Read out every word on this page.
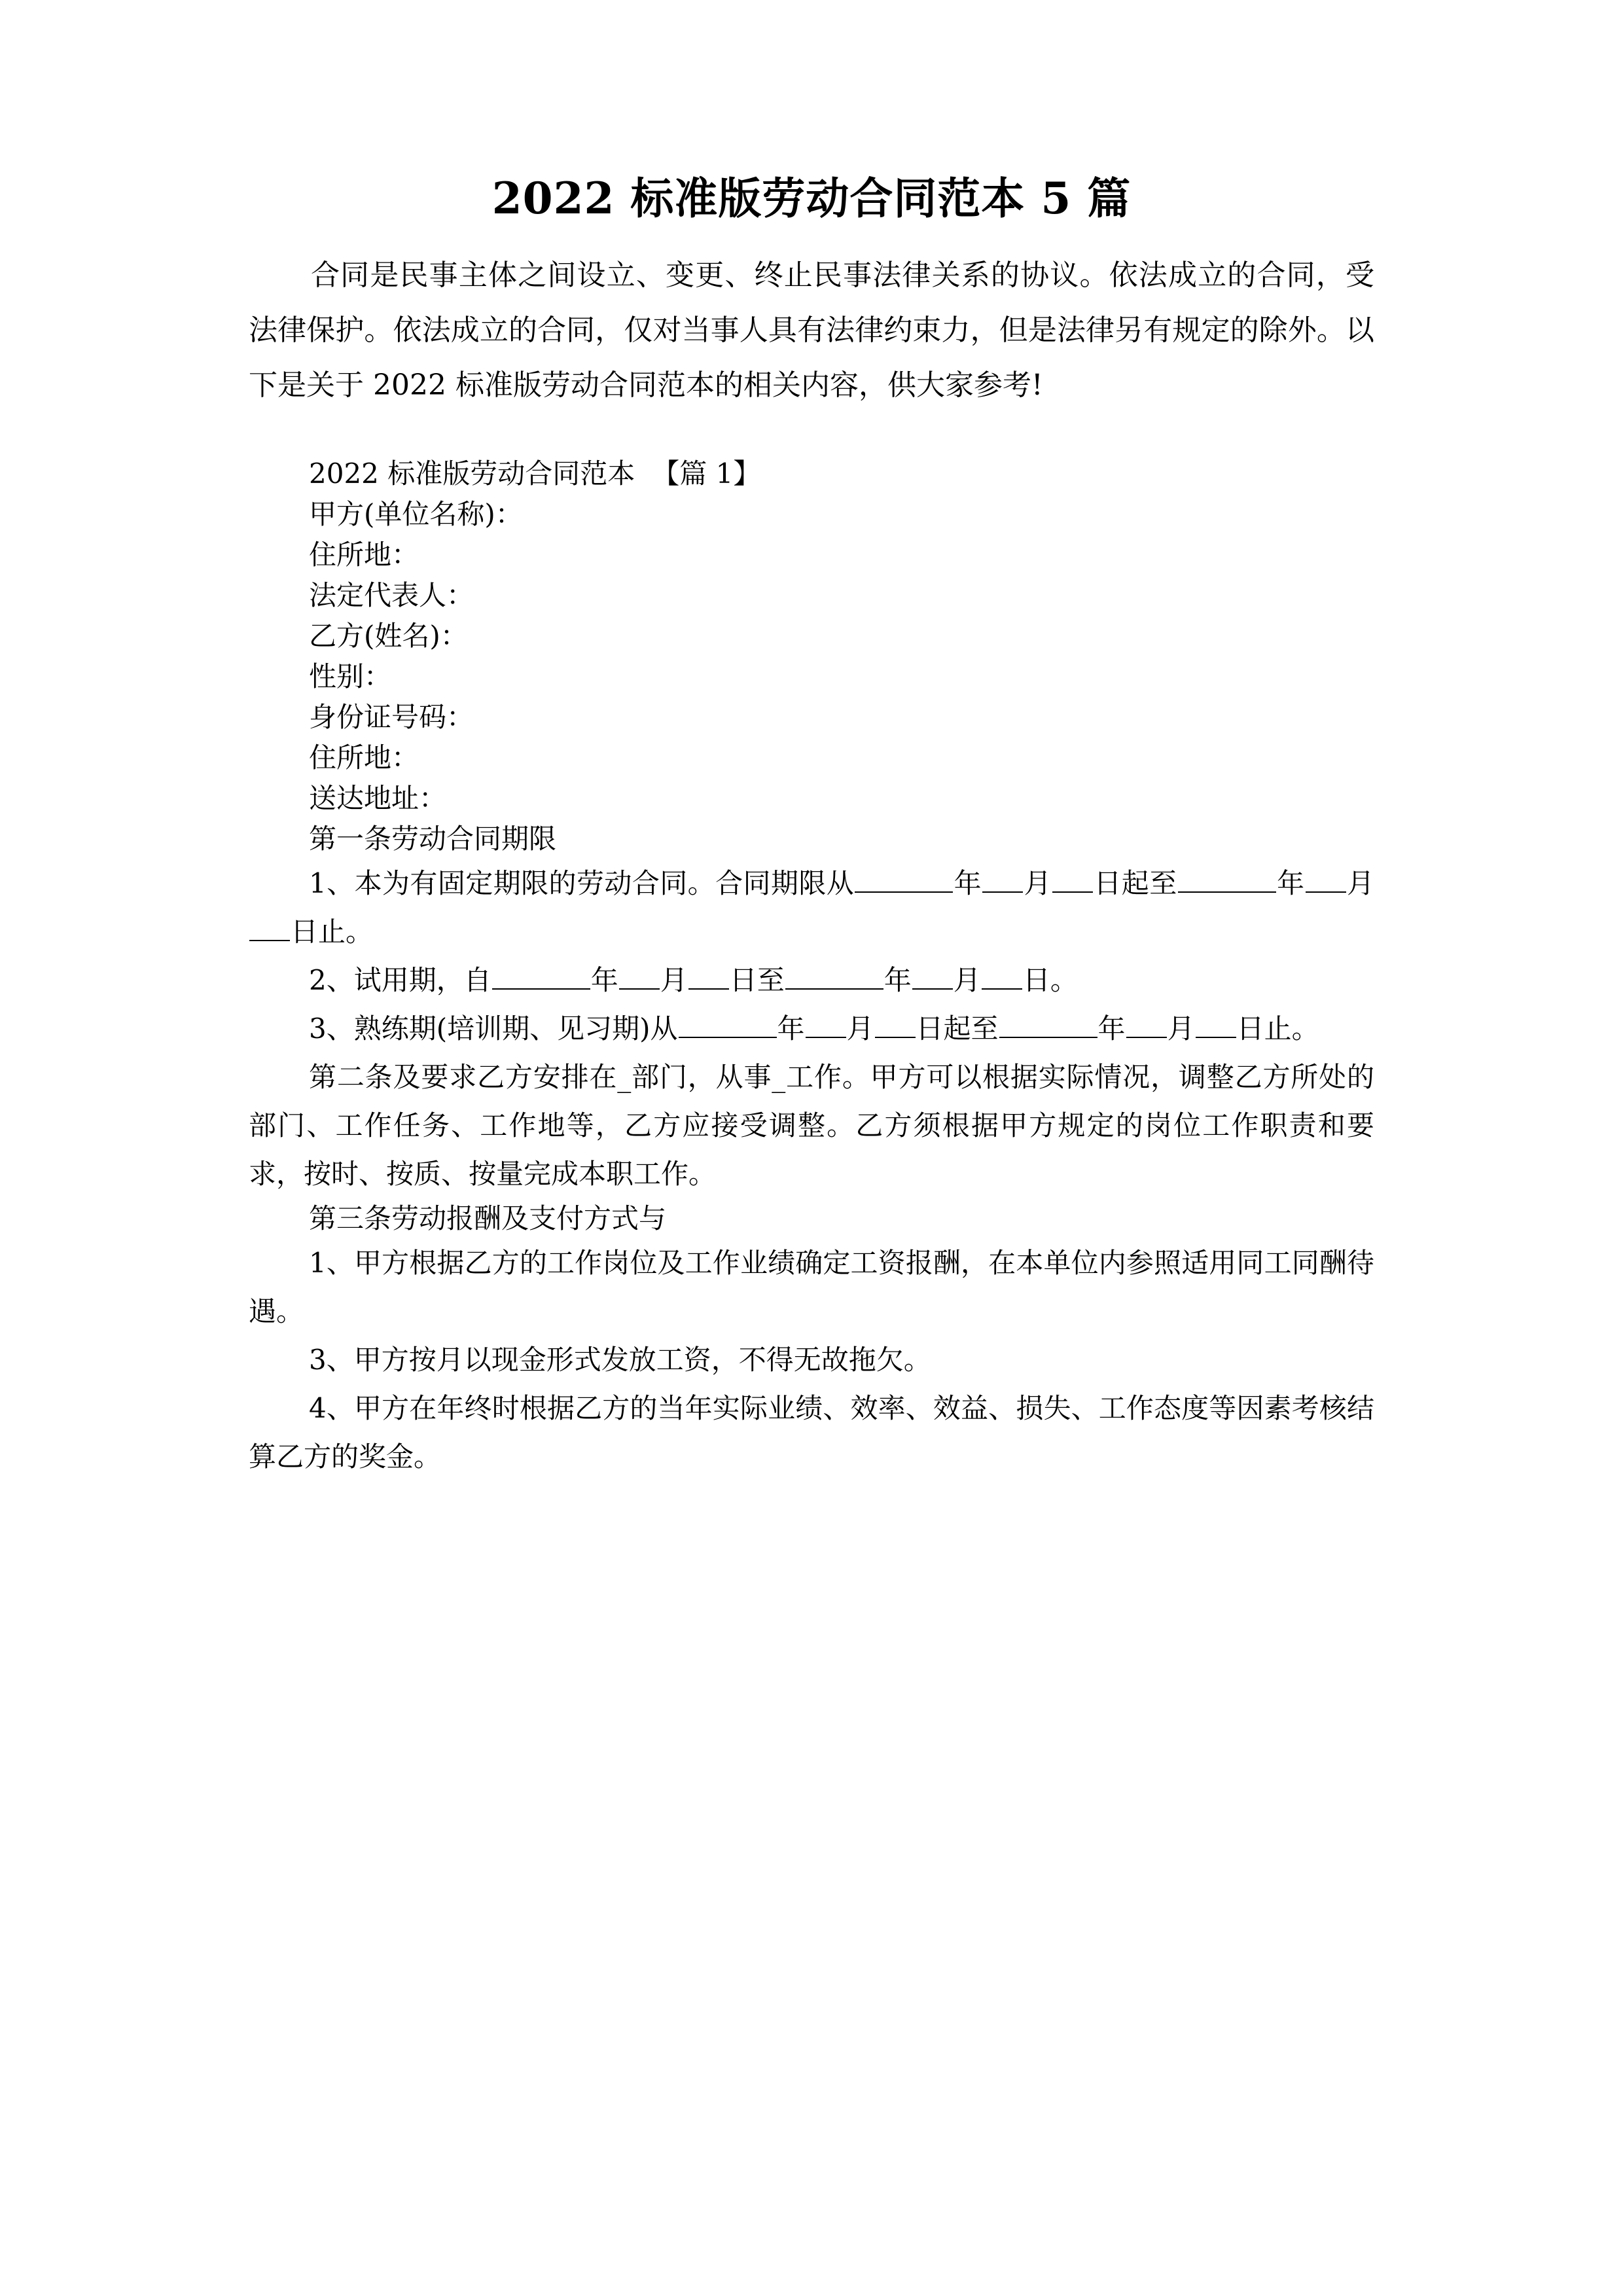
2022 标准版劳动合同范本 5 篇

合同是民事主体之间设立、变更、终止民事法律关系的协议。依法成立的合同，受法律保护。依法成立的合同，仅对当事人具有法律约束力，但是法律另有规定的除外。以下是关于 2022 标准版劳动合同范本的相关内容，供大家参考!

2022 标准版劳动合同范本 【篇 1】

甲方(单位名称)：

住所地：

法定代表人：

乙方(姓名)：

性别：

身份证号码：

住所地：

送达地址：

第一条劳动合同期限

1、本为有固定期限的劳动合同。合同期限从	年 月 日起至	年 月日止。

2、试用期，自	年 月 日至	年 月 日。

3、熟练期(培训期、见习期)从	年 月 日起至	年 月 日止。

第二条及要求乙方安排在_部门，从事_工作。甲方可以根据实际情况，调整乙方所处的部门、工作任务、工作地等，乙方应接受调整。乙方须根据甲方规定的岗位工作职责和要求，按时、按质、按量完成本职工作。

第三条劳动报酬及支付方式与

1、甲方根据乙方的工作岗位及工作业绩确定工资报酬，在本单位内参照适用同工同酬待遇。

3、甲方按月以现金形式发放工资，不得无故拖欠。

4、甲方在年终时根据乙方的当年实际业绩、效率、效益、损失、工作态度等因素考核结算乙方的奖金。
